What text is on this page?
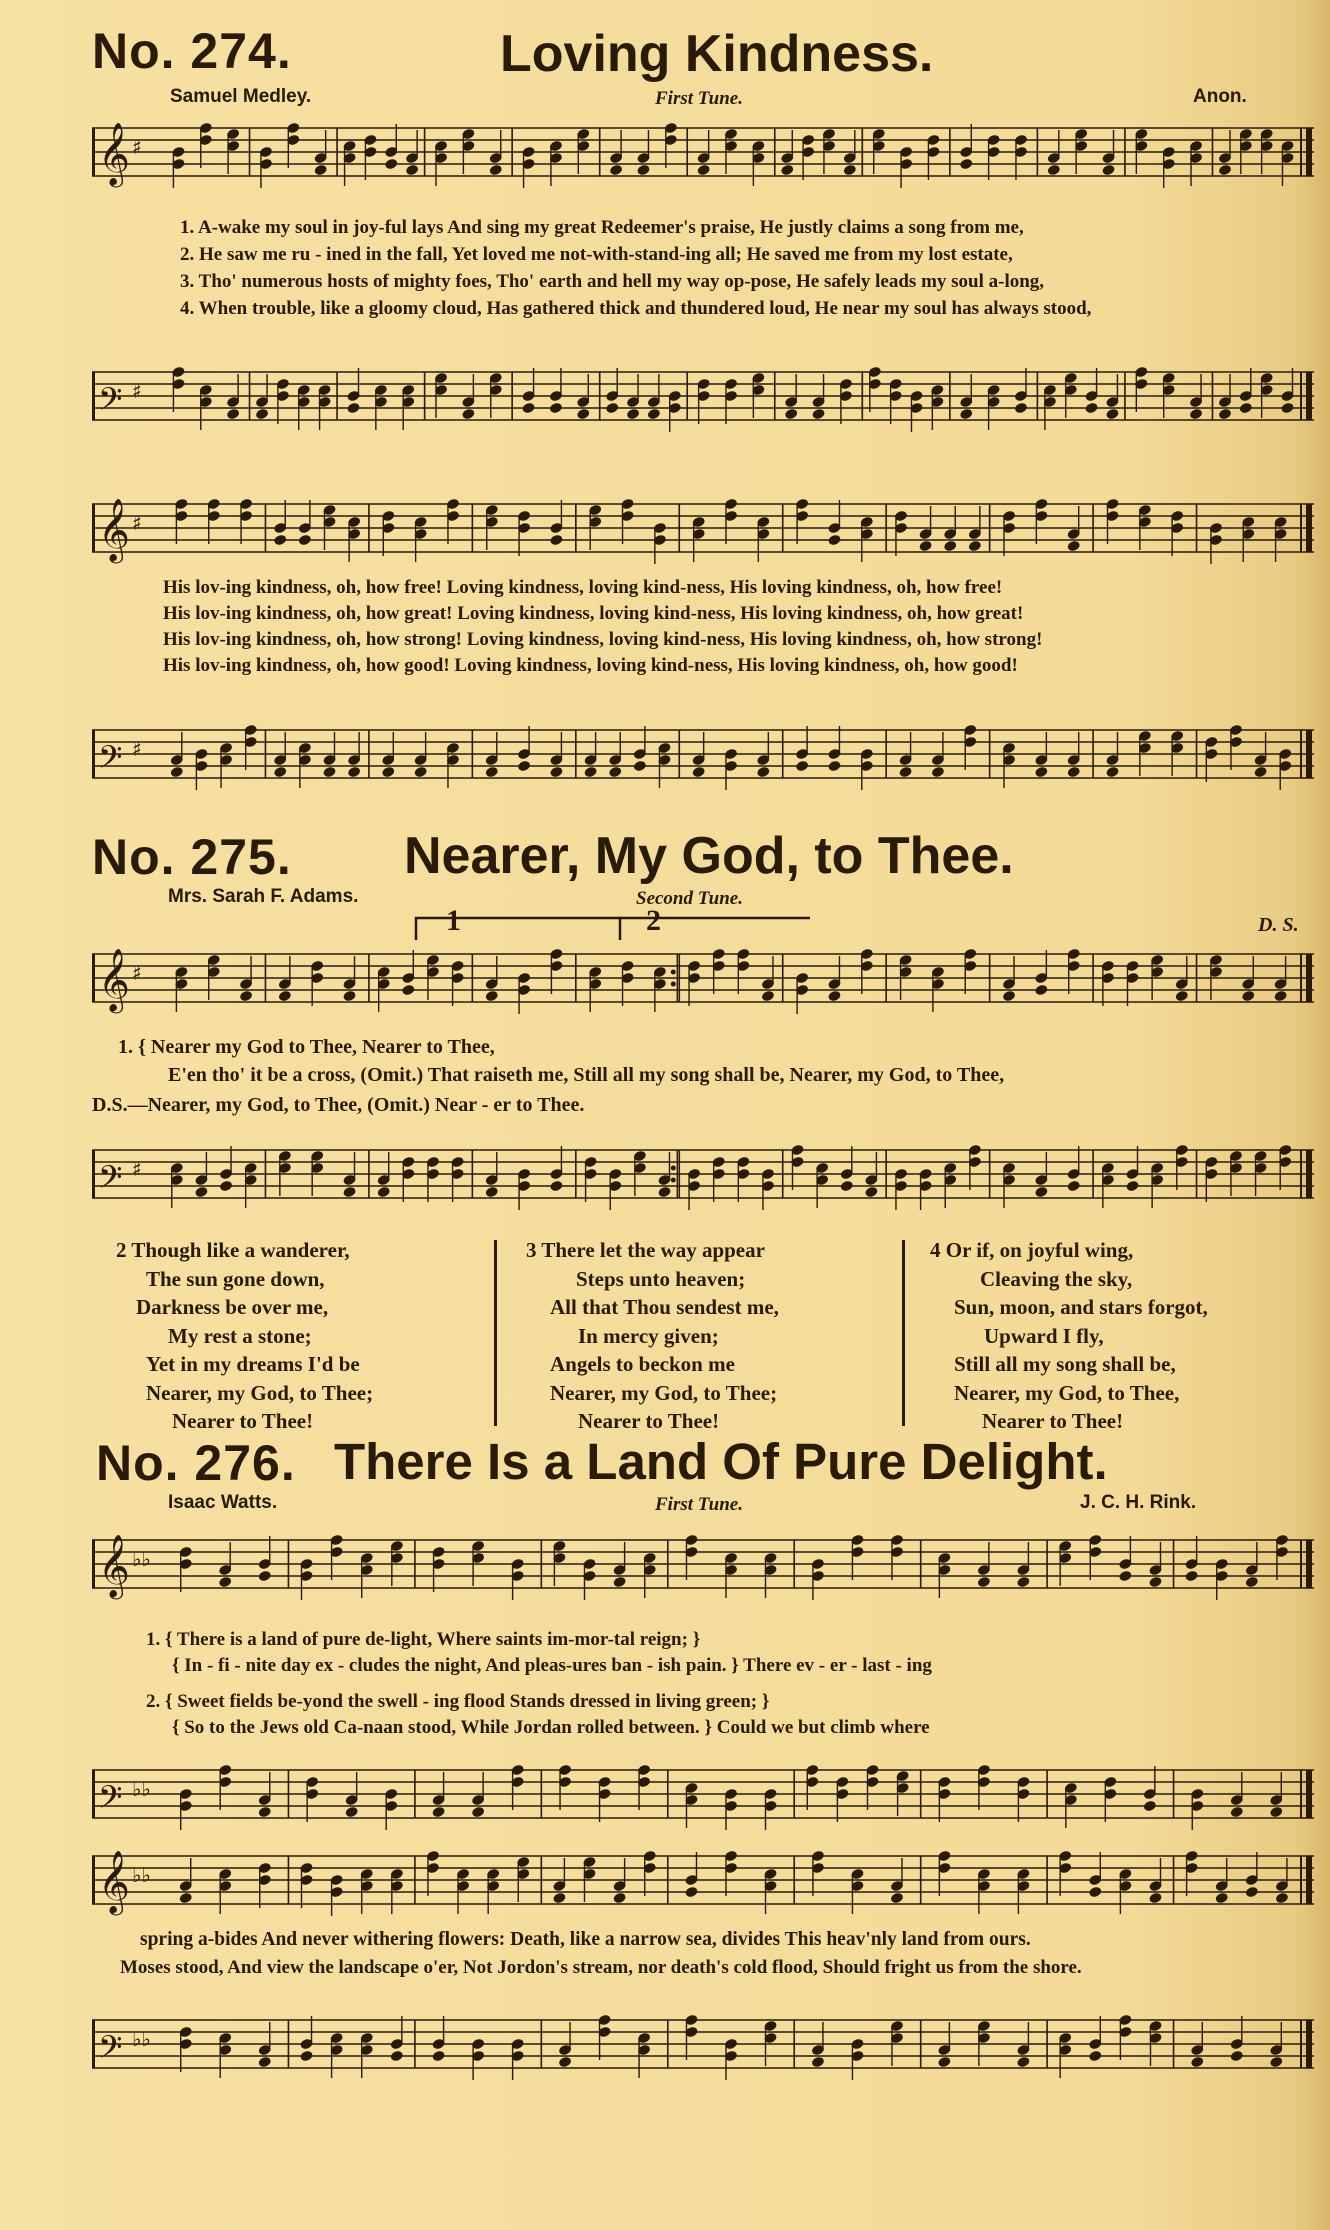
No. 274.	Loving Kindness.
Samuel Medley.	First Tune.	Anon.
𝄞 ♯
1. A-wake my soul in joy-ful lays And sing my great Redeemer's praise, He justly claims a song from me,
2. He saw me ru - ined in the fall, Yet loved me not-with-stand-ing all; He saved me from my lost estate,
3. Tho' numerous hosts of mighty foes, Tho' earth and hell my way op-pose, He safely leads my soul a-long,
4. When trouble, like a gloomy cloud, Has gathered thick and thundered loud, He near my soul has always stood,
𝄢 ♯
𝄞 ♯
His lov-ing kindness, oh, how free! Loving kindness, loving kind-ness, His loving kindness, oh, how free!
His lov-ing kindness, oh, how great! Loving kindness, loving kind-ness, His loving kindness, oh, how great!
His lov-ing kindness, oh, how strong! Loving kindness, loving kind-ness, His loving kindness, oh, how strong!
His lov-ing kindness, oh, how good! Loving kindness, loving kind-ness, His loving kindness, oh, how good!
𝄢 ♯
No. 275. Nearer, My God, to Thee.
Mrs. Sarah F. Adams.	Second Tune.
D. S.
1	2
𝄞 ♯
1. { Nearer my God to Thee, Nearer to Thee,
E'en tho' it be a cross, (Omit.) That raiseth me, Still all my song shall be, Nearer, my God, to Thee,
D.S.—Nearer, my God, to Thee, (Omit.) Near - er to Thee.
𝄢 ♯
2 Though like a wanderer,
The sun gone down,
Darkness be over me,
My rest a stone;
Yet in my dreams I'd be
Nearer, my God, to Thee;
Nearer to Thee!
3 There let the way appear
Steps unto heaven;
All that Thou sendest me,
In mercy given;
Angels to beckon me
Nearer, my God, to Thee;
Nearer to Thee!
4 Or if, on joyful wing,
Cleaving the sky,
Sun, moon, and stars forgot,
Upward I fly,
Still all my song shall be,
Nearer, my God, to Thee,
Nearer to Thee!
No. 276. There Is a Land Of Pure Delight.
Isaac Watts.	First Tune.	J. C. H. Rink.
𝄞 ♭♭
1. { There is a land of pure de-light, Where saints im-mor-tal reign; }
{ In - fi - nite day ex - cludes the night, And pleas-ures ban - ish pain. } There ev - er - last - ing
2. { Sweet fields be-yond the swell - ing flood Stands dressed in living green; }
{ So to the Jews old Ca-naan stood, While Jordan rolled between. } Could we but climb where
𝄢 ♭♭
𝄞 ♭♭
spring a-bides And never withering flowers: Death, like a narrow sea, divides This heav'nly land from ours.
Moses stood, And view the landscape o'er, Not Jordon's stream, nor death's cold flood, Should fright us from the shore.
𝄢 ♭♭
